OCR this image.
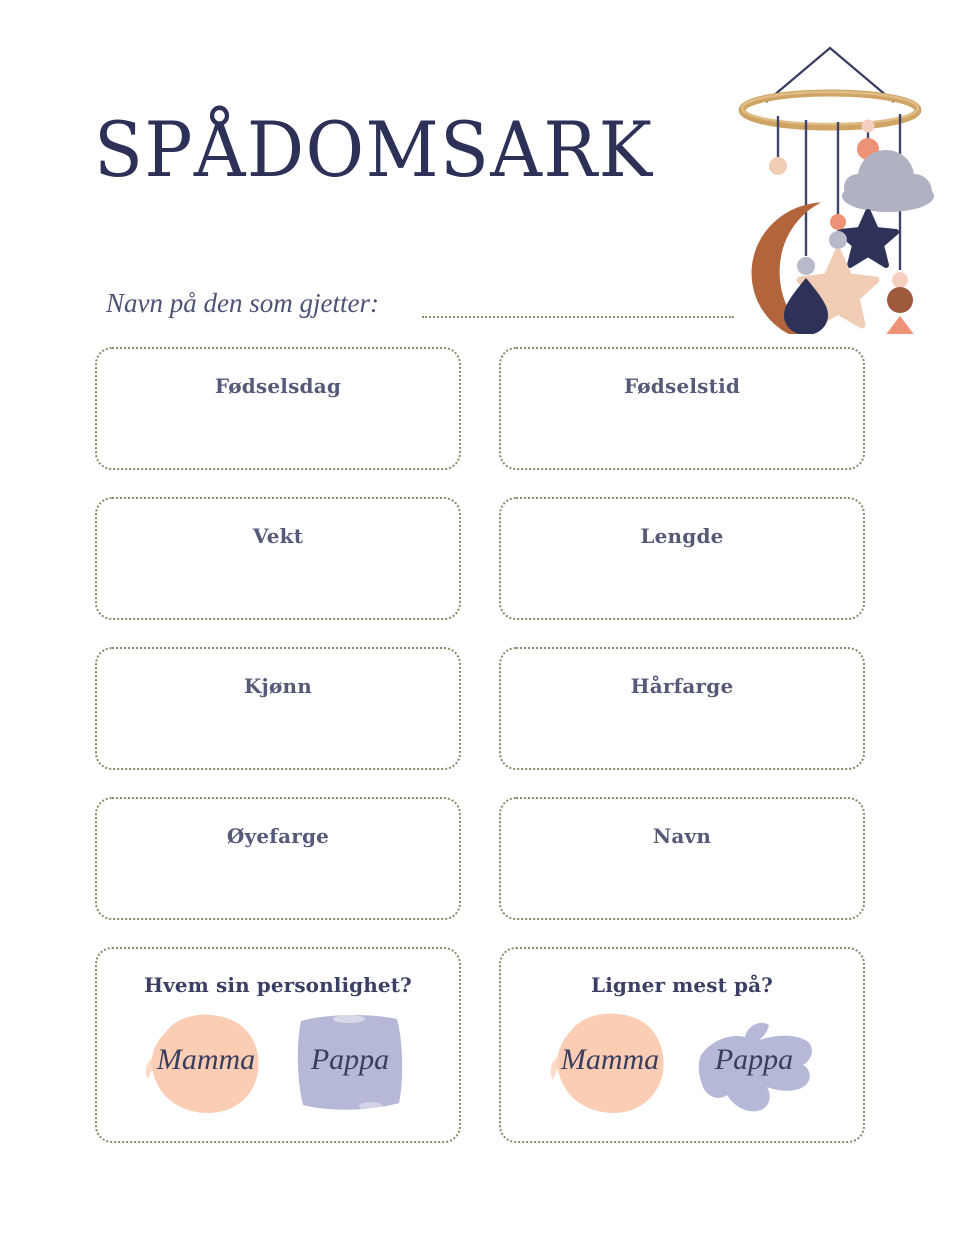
SPÅDOMSARK
Navn på den som gjetter:
Fødselsdag	Fødselstid
Vekt	Lengde
Kjønn	Hårfarge
Øyefarge	Navn
Hvem sin personlighet?
Mamma	Pappa
Ligner mest på?
Mamma	Pappa
